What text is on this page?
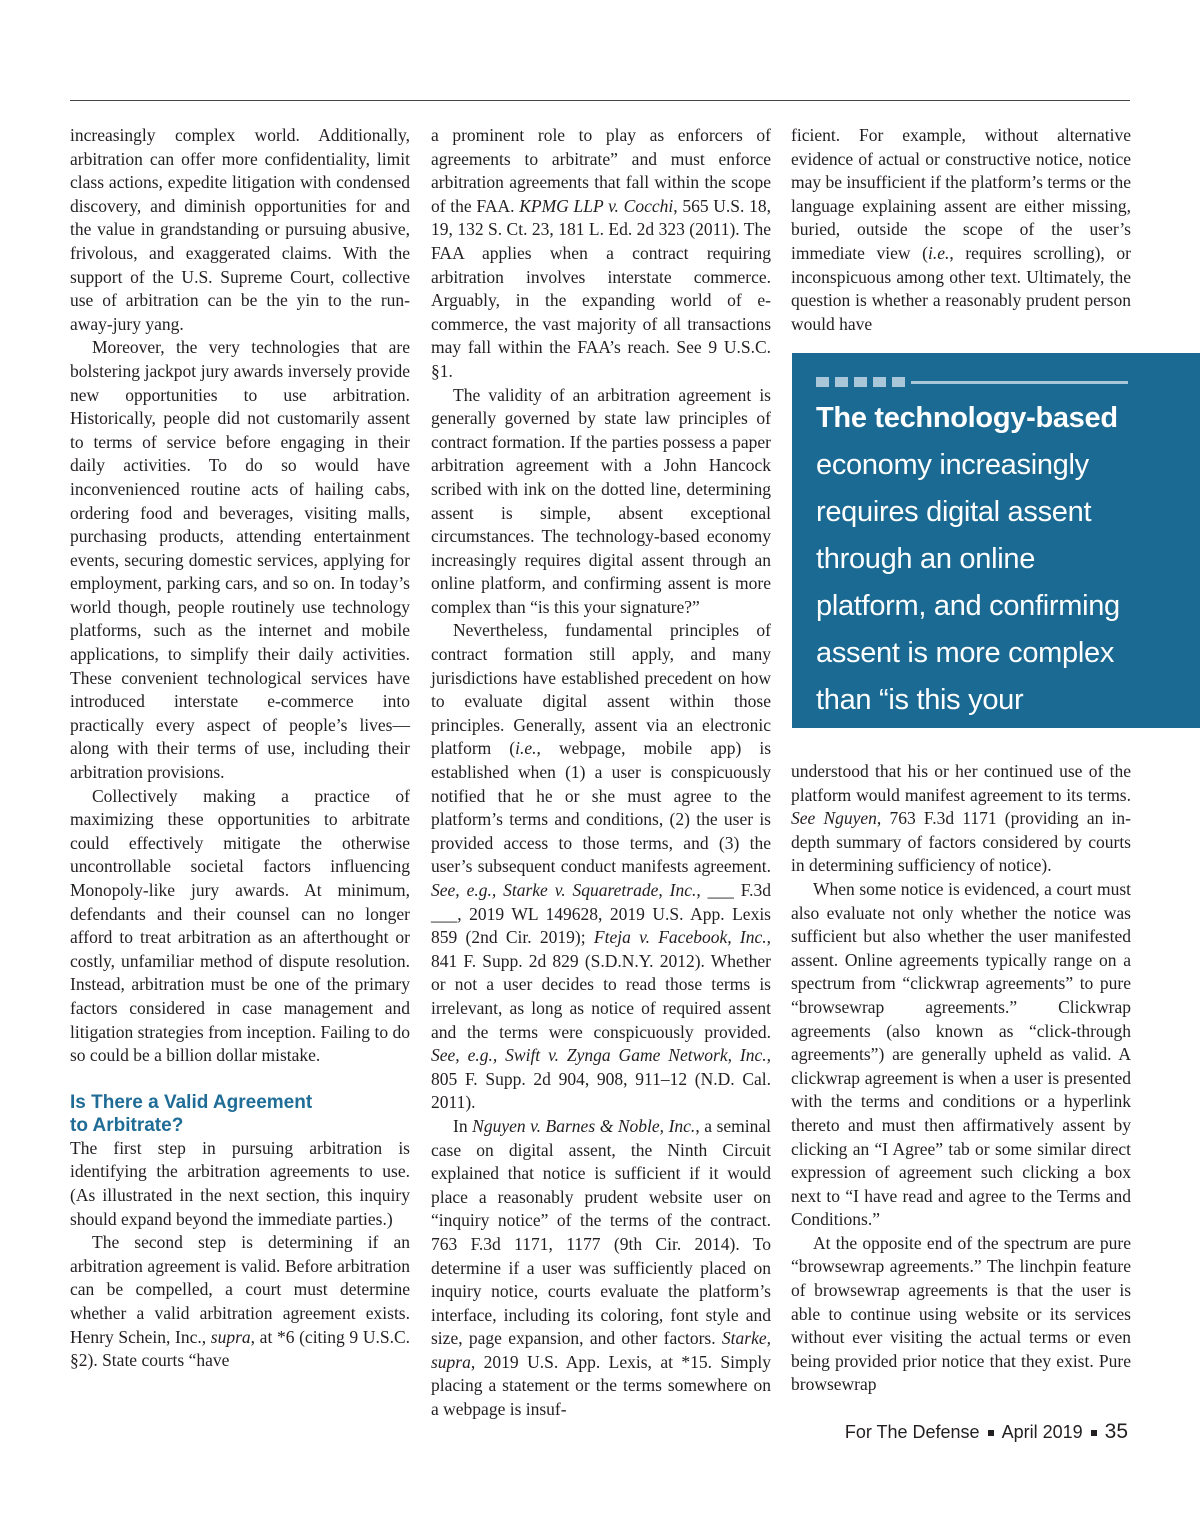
increasingly complex world. Additionally, arbitration can offer more confidentiality, limit class actions, expedite litigation with condensed discovery, and diminish opportunities for and the value in grandstanding or pursuing abusive, frivolous, and exaggerated claims. With the support of the U.S. Supreme Court, collective use of arbitration can be the yin to the run-away-jury yang.

Moreover, the very technologies that are bolstering jackpot jury awards inversely provide new opportunities to use arbitration. Historically, people did not customarily assent to terms of service before engaging in their daily activities. To do so would have inconvenienced routine acts of hailing cabs, ordering food and beverages, visiting malls, purchasing products, attending entertainment events, securing domestic services, applying for employment, parking cars, and so on. In today’s world though, people routinely use technology platforms, such as the internet and mobile applications, to simplify their daily activities. These convenient technological services have introduced interstate e-commerce into practically every aspect of people’s lives—along with their terms of use, including their arbitration provisions.

Collectively making a practice of maximizing these opportunities to arbitrate could effectively mitigate the otherwise uncontrollable societal factors influencing Monopoly-like jury awards. At minimum, defendants and their counsel can no longer afford to treat arbitration as an afterthought or costly, unfamiliar method of dispute resolution. Instead, arbitration must be one of the primary factors considered in case management and litigation strategies from inception. Failing to do so could be a billion dollar mistake.

Is There a Valid Agreement
to Arbitrate?

The first step in pursuing arbitration is identifying the arbitration agreements to use. (As illustrated in the next section, this inquiry should expand beyond the immediate parties.)

The second step is determining if an arbitration agreement is valid. Before arbitration can be compelled, a court must determine whether a valid arbitration agreement exists. Henry Schein, Inc., supra, at *6 (citing 9 U.S.C. §2). State courts “have

a prominent role to play as enforcers of agreements to arbitrate” and must enforce arbitration agreements that fall within the scope of the FAA. KPMG LLP v. Cocchi, 565 U.S. 18, 19, 132 S. Ct. 23, 181 L. Ed. 2d 323 (2011). The FAA applies when a contract requiring arbitration involves interstate commerce. Arguably, in the expanding world of e-commerce, the vast majority of all transactions may fall within the FAA’s reach. See 9 U.S.C. §1.

The validity of an arbitration agreement is generally governed by state law principles of contract formation. If the parties possess a paper arbitration agreement with a John Hancock scribed with ink on the dotted line, determining assent is simple, absent exceptional circumstances. The technology-based economy increasingly requires digital assent through an online platform, and confirming assent is more complex than “is this your signature?”

Nevertheless, fundamental principles of contract formation still apply, and many jurisdictions have established precedent on how to evaluate digital assent within those principles. Generally, assent via an electronic platform (i.e., webpage, mobile app) is established when (1) a user is conspicuously notified that he or she must agree to the platform’s terms and conditions, (2) the user is provided access to those terms, and (3) the user’s subsequent conduct manifests agreement. See, e.g., Starke v. Squaretrade, Inc., ___ F.3d ___, 2019 WL 149628, 2019 U.S. App. Lexis 859 (2nd Cir. 2019); Fteja v. Facebook, Inc., 841 F. Supp. 2d 829 (S.D.N.Y. 2012). Whether or not a user decides to read those terms is irrelevant, as long as notice of required assent and the terms were conspicuously provided. See, e.g., Swift v. Zynga Game Network, Inc., 805 F. Supp. 2d 904, 908, 911–12 (N.D. Cal. 2011).

In Nguyen v. Barnes & Noble, Inc., a seminal case on digital assent, the Ninth Circuit explained that notice is sufficient if it would place a reasonably prudent website user on “inquiry notice” of the terms of the contract. 763 F.3d 1171, 1177 (9th Cir. 2014). To determine if a user was sufficiently placed on inquiry notice, courts evaluate the platform’s interface, including its coloring, font style and size, page expansion, and other factors. Starke, supra, 2019 U.S. App. Lexis, at *15. Simply placing a statement or the terms somewhere on a webpage is insuf-

ficient. For example, without alternative evidence of actual or constructive notice, notice may be insufficient if the platform’s terms or the language explaining assent are either missing, buried, outside the scope of the user’s immediate view (i.e., requires scrolling), or inconspicuous among other text. Ultimately, the question is whether a reasonably prudent person would have

The technology-based economy increasingly requires digital assent through an online platform, and confirming assent is more complex than “is this your signature?”

understood that his or her continued use of the platform would manifest agreement to its terms. See Nguyen, 763 F.3d 1171 (providing an in-depth summary of factors considered by courts in determining sufficiency of notice).

When some notice is evidenced, a court must also evaluate not only whether the notice was sufficient but also whether the user manifested assent. Online agreements typically range on a spectrum from “clickwrap agreements” to pure “browsewrap agreements.” Clickwrap agreements (also known as “click-through agreements”) are generally upheld as valid. A clickwrap agreement is when a user is presented with the terms and conditions or a hyperlink thereto and must then affirmatively assent by clicking an “I Agree” tab or some similar direct expression of agreement such clicking a box next to “I have read and agree to the Terms and Conditions.”

At the opposite end of the spectrum are pure “browsewrap agreements.” The linchpin feature of browsewrap agreements is that the user is able to continue using website or its services without ever visiting the actual terms or even being provided prior notice that they exist. Pure browsewrap

For The Defense April 2019 35
